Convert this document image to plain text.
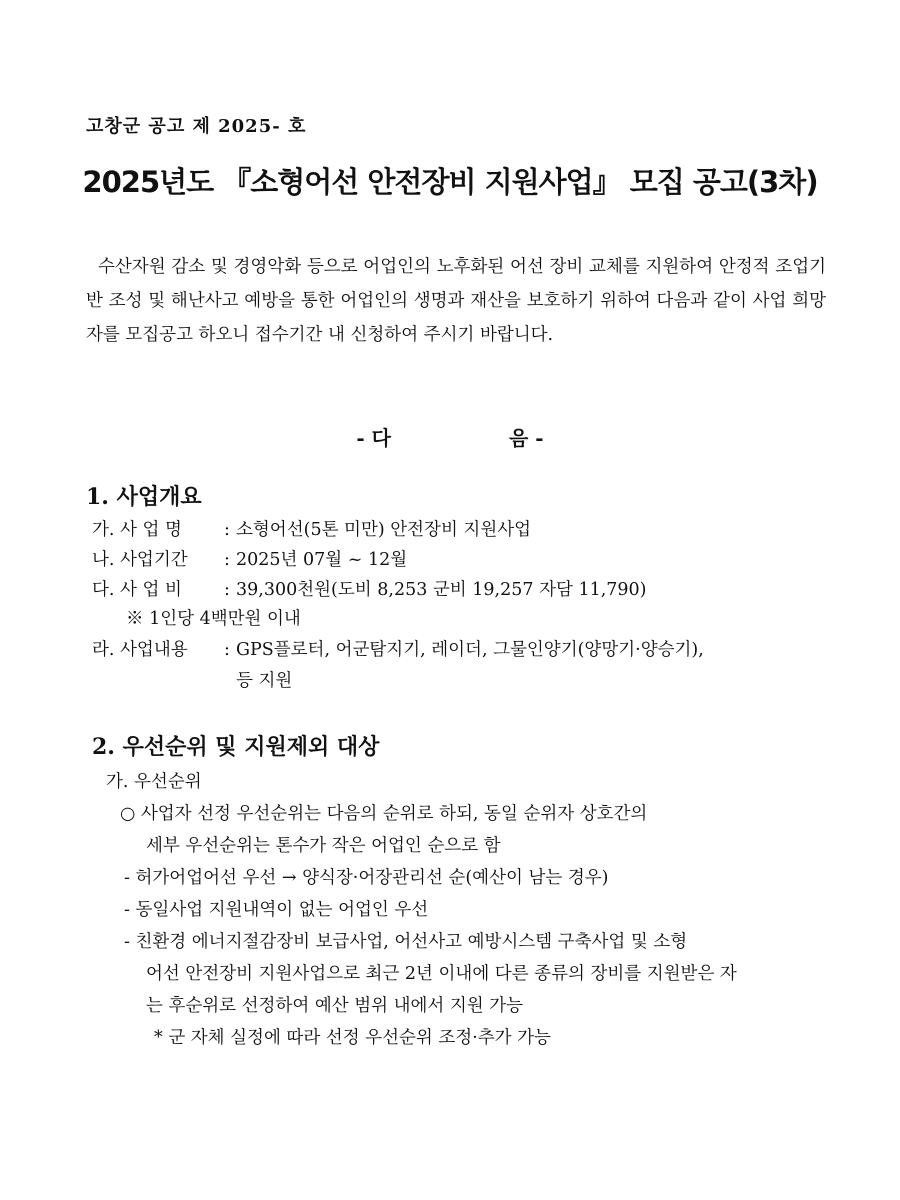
고창군 공고 제 2025- 호
2025년도 『소형어선 안전장비 지원사업』 모집 공고(3차)
수산자원 감소 및 경영악화 등으로 어업인의 노후화된 어선 장비 교체를 지원하여 안정적 조업기반 조성 및 해난사고 예방을 통한 어업인의 생명과 재산을 보호하기 위하여 다음과 같이 사업 희망자를 모집공고 하오니 접수기간 내 신청하여 주시기 바랍니다.
- 다	음 -
1. 사업개요
가. 사 업 명 : 소형어선(5톤 미만) 안전장비 지원사업
나. 사업기간 : 2025년 07월 ~ 12월
다. 사 업 비 : 39,300천원(도비 8,253 군비 19,257 자담 11,790)
※ 1인당 4백만원 이내
라. 사업내용 : GPS플로터, 어군탐지기, 레이더, 그물인양기(양망기·양승기),
등 지원
2. 우선순위 및 지원제외 대상
가. 우선순위
○ 사업자 선정 우선순위는 다음의 순위로 하되, 동일 순위자 상호간의
세부 우선순위는 톤수가 작은 어업인 순으로 함
- 허가어업어선 우선 → 양식장·어장관리선 순(예산이 남는 경우)
- 동일사업 지원내역이 없는 어업인 우선
- 친환경 에너지절감장비 보급사업, 어선사고 예방시스템 구축사업 및 소형
어선 안전장비 지원사업으로 최근 2년 이내에 다른 종류의 장비를 지원받은 자
는 후순위로 선정하여 예산 범위 내에서 지원 가능
* 군 자체 실정에 따라 선정 우선순위 조정·추가 가능
